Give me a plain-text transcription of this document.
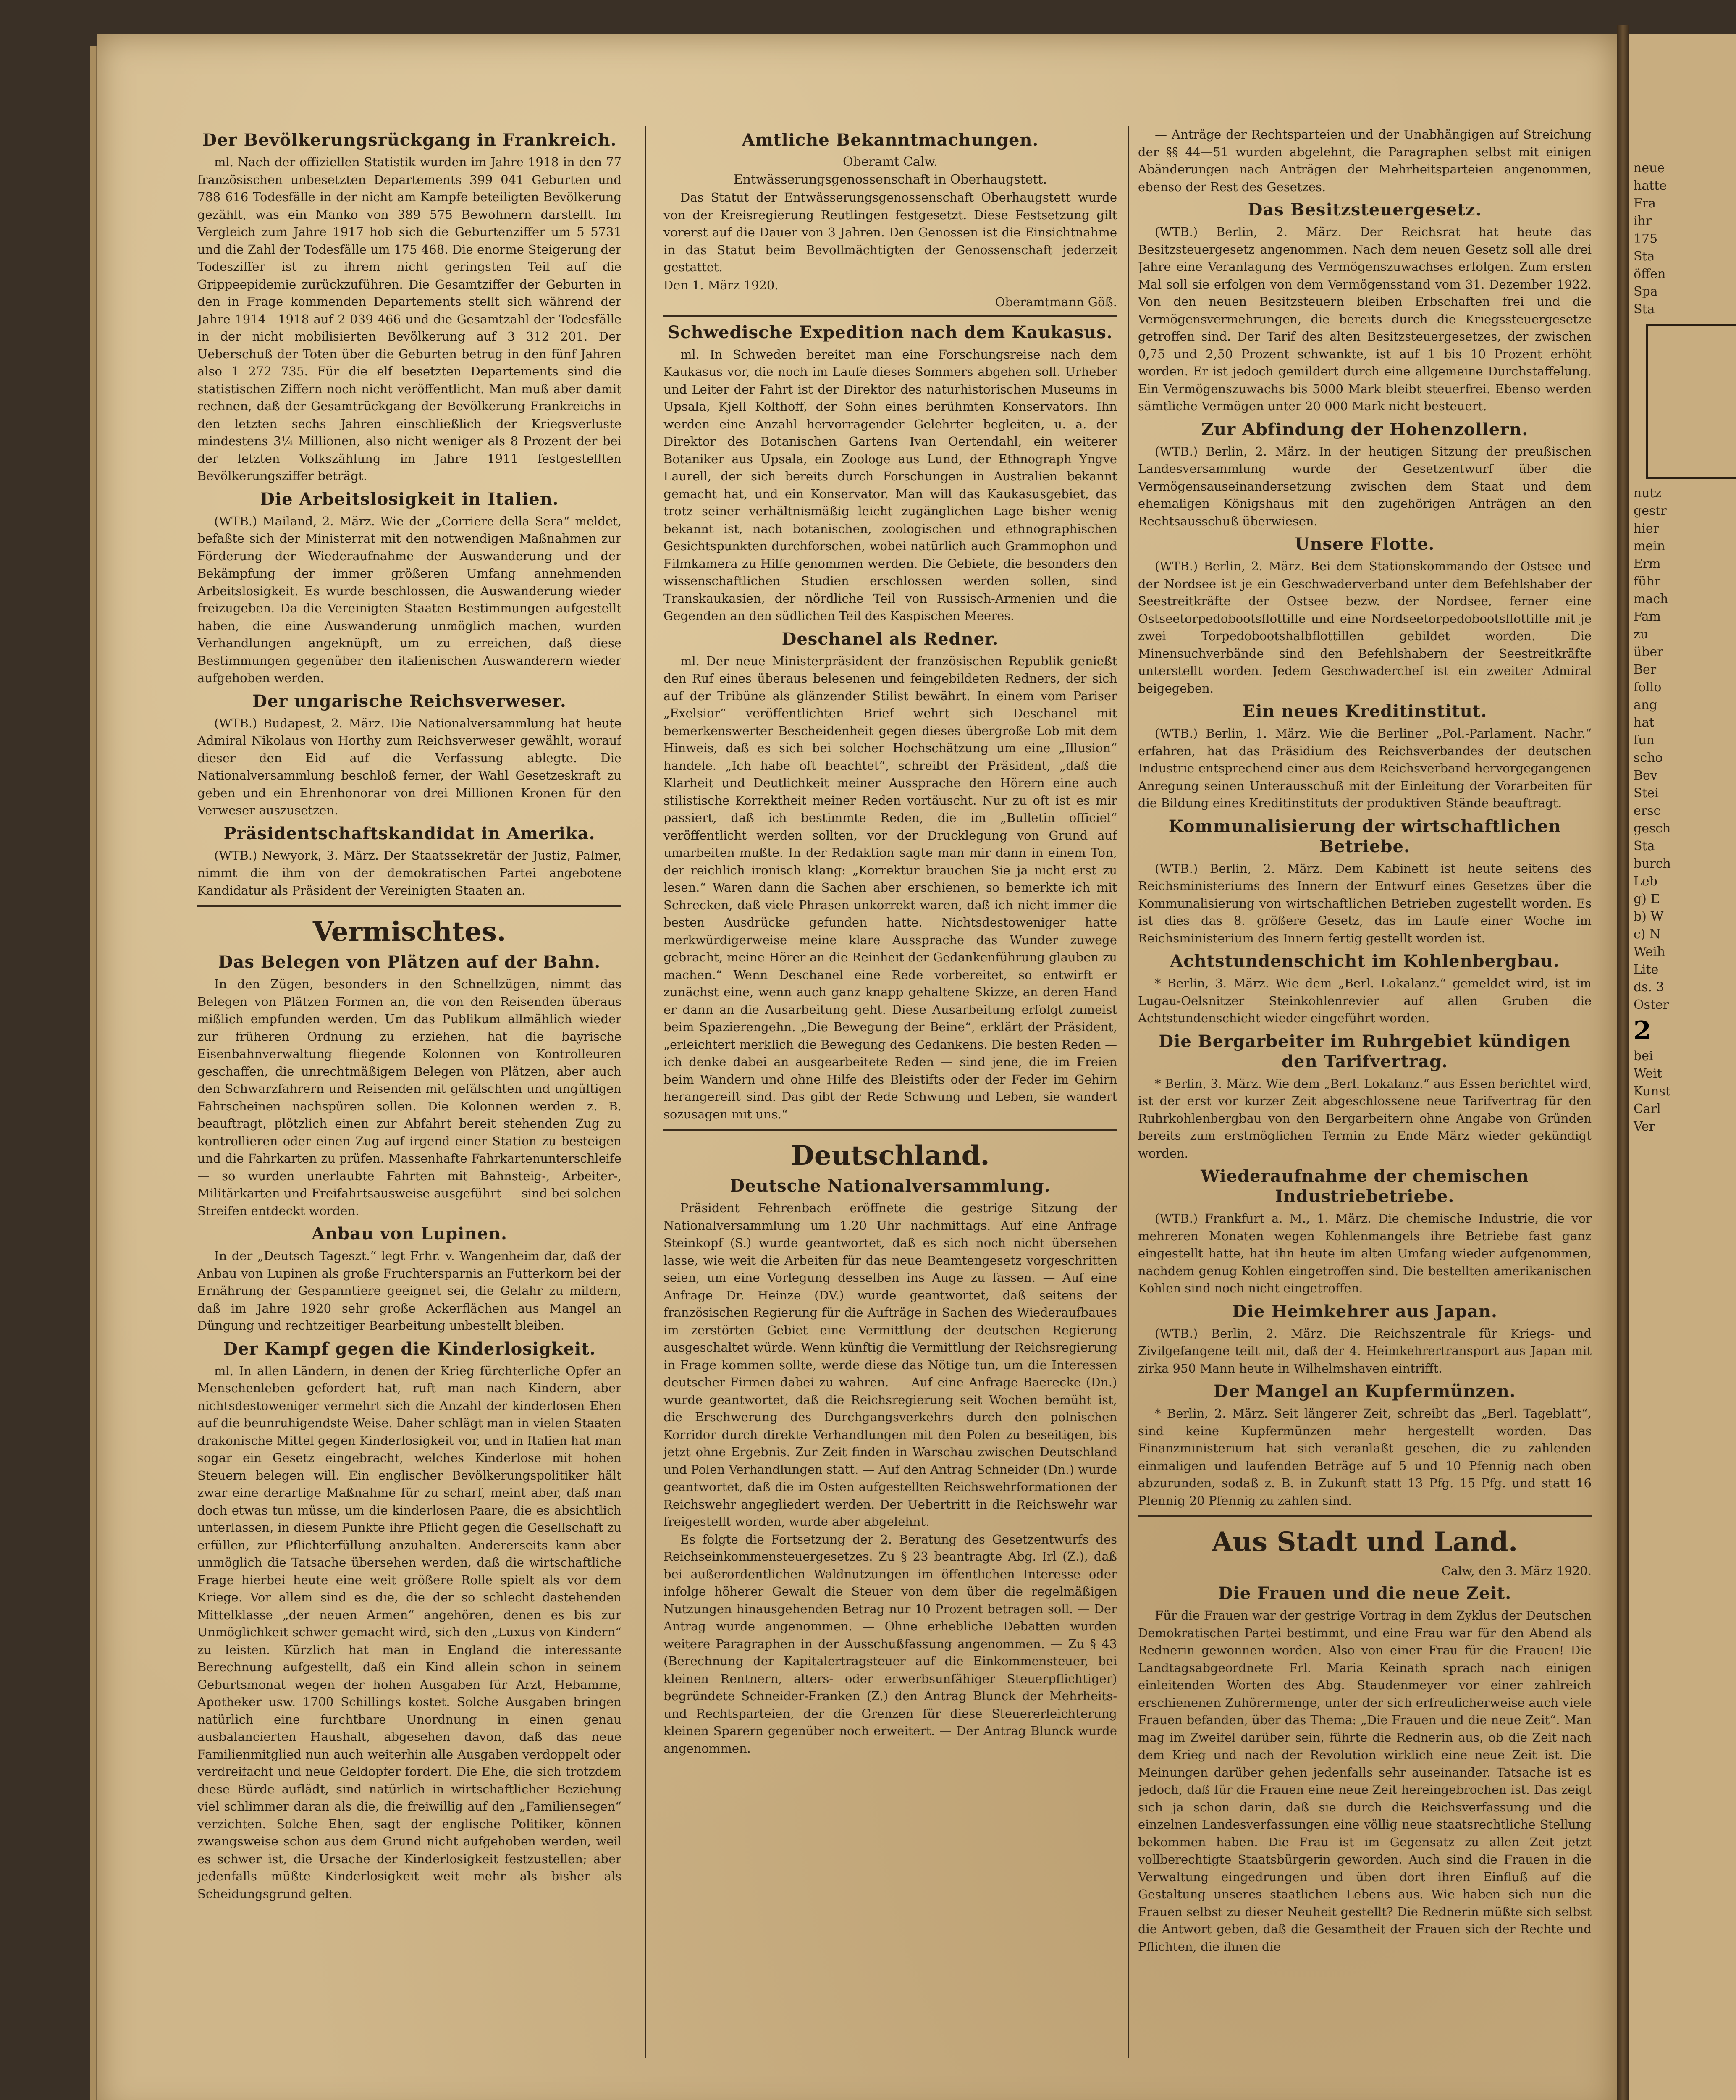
neue
hatte
Fra
ihr
175
Sta
öffen
Spa
Sta
nutz
gestr
hier
mein
Erm
führ
mach
Fam
zu
über
Ber
follo
ang
hat
fun
scho
Bev
Stei
ersc
gesch
Sta
burch
Leb
g) E
b) W
c) N
Weih
Lite
ds. 3
Oster
2
bei
Weit
Kunst
Carl
Ver
Der Bevölkerungsrückgang in Frankreich.

ml. Nach der offiziellen Statistik wurden im Jahre 1918 in den 77 französischen unbesetzten Departements 399 041 Geburten und 788 616 Todesfälle in der nicht am Kampfe beteiligten Bevölkerung gezählt, was ein Manko von 389 575 Bewohnern darstellt. Im Vergleich zum Jahre 1917 hob sich die Geburtenziffer um 5 5731 und die Zahl der Todesfälle um 175 468. Die enorme Steigerung der Todesziffer ist zu ihrem nicht geringsten Teil auf die Grippeepidemie zurückzuführen. Die Gesamtziffer der Geburten in den in Frage kommenden Departements stellt sich während der Jahre 1914—1918 auf 2 039 466 und die Gesamtzahl der Todesfälle in der nicht mobilisierten Bevölkerung auf 3 312 201. Der Ueberschuß der Toten über die Geburten betrug in den fünf Jahren also 1 272 735. Für die elf besetzten Departements sind die statistischen Ziffern noch nicht veröffentlicht. Man muß aber damit rechnen, daß der Gesamtrückgang der Bevölkerung Frankreichs in den letzten sechs Jahren einschließlich der Kriegsverluste mindestens 3¼ Millionen, also nicht weniger als 8 Prozent der bei der letzten Volkszählung im Jahre 1911 festgestellten Bevölkerungsziffer beträgt.

Die Arbeitslosigkeit in Italien.

(WTB.) Mailand, 2. März. Wie der „Corriere della Sera“ meldet, befaßte sich der Ministerrat mit den notwendigen Maßnahmen zur Förderung der Wiederaufnahme der Auswanderung und der Bekämpfung der immer größeren Umfang annehmenden Arbeitslosigkeit. Es wurde beschlossen, die Auswanderung wieder freizugeben. Da die Vereinigten Staaten Bestimmungen aufgestellt haben, die eine Auswanderung unmöglich machen, wurden Verhandlungen angeknüpft, um zu erreichen, daß diese Bestimmungen gegenüber den italienischen Auswanderern wieder aufgehoben werden.

Der ungarische Reichsverweser.

(WTB.) Budapest, 2. März. Die Nationalversammlung hat heute Admiral Nikolaus von Horthy zum Reichsverweser gewählt, worauf dieser den Eid auf die Verfassung ablegte. Die Nationalversammlung beschloß ferner, der Wahl Gesetzeskraft zu geben und ein Ehrenhonorar von drei Millionen Kronen für den Verweser auszusetzen.

Präsidentschaftskandidat in Amerika.

(WTB.) Newyork, 3. März. Der Staatssekretär der Justiz, Palmer, nimmt die ihm von der demokratischen Partei angebotene Kandidatur als Präsident der Vereinigten Staaten an.

Vermischtes.
Das Belegen von Plätzen auf der Bahn.

In den Zügen, besonders in den Schnellzügen, nimmt das Belegen von Plätzen Formen an, die von den Reisenden überaus mißlich empfunden werden. Um das Publikum allmählich wieder zur früheren Ordnung zu erziehen, hat die bayrische Eisenbahnverwaltung fliegende Kolonnen von Kontrolleuren geschaffen, die unrechtmäßigem Belegen von Plätzen, aber auch den Schwarzfahrern und Reisenden mit gefälschten und ungültigen Fahrscheinen nachspüren sollen. Die Kolonnen werden z. B. beauftragt, plötzlich einen zur Abfahrt bereit stehenden Zug zu kontrollieren oder einen Zug auf irgend einer Station zu besteigen und die Fahrkarten zu prüfen. Massenhafte Fahrkartenunterschleife — so wurden unerlaubte Fahrten mit Bahnsteig-, Arbeiter-, Militärkarten und Freifahrtsausweise ausgeführt — sind bei solchen Streifen entdeckt worden.

Anbau von Lupinen.

In der „Deutsch Tageszt.“ legt Frhr. v. Wangenheim dar, daß der Anbau von Lupinen als große Fruchtersparnis an Futterkorn bei der Ernährung der Gespanntiere geeignet sei, die Gefahr zu mildern, daß im Jahre 1920 sehr große Ackerflächen aus Mangel an Düngung und rechtzeitiger Bearbeitung unbestellt bleiben.

Der Kampf gegen die Kinderlosigkeit.

ml. In allen Ländern, in denen der Krieg fürchterliche Opfer an Menschenleben gefordert hat, ruft man nach Kindern, aber nichtsdestoweniger vermehrt sich die Anzahl der kinderlosen Ehen auf die beunruhigendste Weise. Daher schlägt man in vielen Staaten drakonische Mittel gegen Kinderlosigkeit vor, und in Italien hat man sogar ein Gesetz eingebracht, welches Kinderlose mit hohen Steuern belegen will. Ein englischer Bevölkerungspolitiker hält zwar eine derartige Maßnahme für zu scharf, meint aber, daß man doch etwas tun müsse, um die kinderlosen Paare, die es absichtlich unterlassen, in diesem Punkte ihre Pflicht gegen die Gesellschaft zu erfüllen, zur Pflichterfüllung anzuhalten. Andererseits kann aber unmöglich die Tatsache übersehen werden, daß die wirtschaftliche Frage hierbei heute eine weit größere Rolle spielt als vor dem Kriege. Vor allem sind es die, die der so schlecht dastehenden Mittelklasse „der neuen Armen“ angehören, denen es bis zur Unmöglichkeit schwer gemacht wird, sich den „Luxus von Kindern“ zu leisten. Kürzlich hat man in England die interessante Berechnung aufgestellt, daß ein Kind allein schon in seinem Geburtsmonat wegen der hohen Ausgaben für Arzt, Hebamme, Apotheker usw. 1700 Schillings kostet. Solche Ausgaben bringen natürlich eine furchtbare Unordnung in einen genau ausbalancierten Haushalt, abgesehen davon, daß das neue Familienmitglied nun auch weiterhin alle Ausgaben verdoppelt oder verdreifacht und neue Geldopfer fordert. Die Ehe, die sich trotzdem diese Bürde auflädt, sind natürlich in wirtschaftlicher Beziehung viel schlimmer daran als die, die freiwillig auf den „Familiensegen“ verzichten. Solche Ehen, sagt der englische Politiker, können zwangsweise schon aus dem Grund nicht aufgehoben werden, weil es schwer ist, die Ursache der Kinderlosigkeit festzustellen; aber jedenfalls müßte Kinderlosigkeit weit mehr als bisher als Scheidungsgrund gelten.

Amtliche Bekanntmachungen.
Oberamt Calw.
Entwässerungsgenossenschaft in Oberhaugstett.

Das Statut der Entwässerungsgenossenschaft Oberhaugstett wurde von der Kreisregierung Reutlingen festgesetzt. Diese Festsetzung gilt vorerst auf die Dauer von 3 Jahren. Den Genossen ist die Einsichtnahme in das Statut beim Bevollmächtigten der Genossenschaft jederzeit gestattet.

Den 1. März 1920.
Oberamtmann Göß.
Schwedische Expedition nach dem Kaukasus.

ml. In Schweden bereitet man eine Forschungsreise nach dem Kaukasus vor, die noch im Laufe dieses Sommers abgehen soll. Urheber und Leiter der Fahrt ist der Direktor des naturhistorischen Museums in Upsala, Kjell Kolthoff, der Sohn eines berühmten Konservators. Ihn werden eine Anzahl hervorragender Gelehrter begleiten, u. a. der Direktor des Botanischen Gartens Ivan Oertendahl, ein weiterer Botaniker aus Upsala, ein Zoologe aus Lund, der Ethnograph Yngve Laurell, der sich bereits durch Forschungen in Australien bekannt gemacht hat, und ein Konservator. Man will das Kaukasusgebiet, das trotz seiner verhältnismäßig leicht zugänglichen Lage bisher wenig bekannt ist, nach botanischen, zoologischen und ethnographischen Gesichtspunkten durchforschen, wobei natürlich auch Grammophon und Filmkamera zu Hilfe genommen werden. Die Gebiete, die besonders den wissenschaftlichen Studien erschlossen werden sollen, sind Transkaukasien, der nördliche Teil von Russisch-Armenien und die Gegenden an den südlichen Teil des Kaspischen Meeres.

Deschanel als Redner.

ml. Der neue Ministerpräsident der französischen Republik genießt den Ruf eines überaus belesenen und feingebildeten Redners, der sich auf der Tribüne als glänzender Stilist bewährt. In einem vom Pariser „Exelsior“ veröffentlichten Brief wehrt sich Deschanel mit bemerkenswerter Bescheidenheit gegen dieses übergroße Lob mit dem Hinweis, daß es sich bei solcher Hochschätzung um eine „Illusion“ handele. „Ich habe oft beachtet“, schreibt der Präsident, „daß die Klarheit und Deutlichkeit meiner Aussprache den Hörern eine auch stilistische Korrektheit meiner Reden vortäuscht. Nur zu oft ist es mir passiert, daß ich bestimmte Reden, die im „Bulletin officiel“ veröffentlicht werden sollten, vor der Drucklegung von Grund auf umarbeiten mußte. In der Redaktion sagte man mir dann in einem Ton, der reichlich ironisch klang: „Korrektur brauchen Sie ja nicht erst zu lesen.“ Waren dann die Sachen aber erschienen, so bemerkte ich mit Schrecken, daß viele Phrasen unkorrekt waren, daß ich nicht immer die besten Ausdrücke gefunden hatte. Nichtsdestoweniger hatte merkwürdigerweise meine klare Aussprache das Wunder zuwege gebracht, meine Hörer an die Reinheit der Gedankenführung glauben zu machen.“ Wenn Deschanel eine Rede vorbereitet, so entwirft er zunächst eine, wenn auch ganz knapp gehaltene Skizze, an deren Hand er dann an die Ausarbeitung geht. Diese Ausarbeitung erfolgt zumeist beim Spazierengehn. „Die Bewegung der Beine“, erklärt der Präsident, „erleichtert merklich die Bewegung des Gedankens. Die besten Reden — ich denke dabei an ausgearbeitete Reden — sind jene, die im Freien beim Wandern und ohne Hilfe des Bleistifts oder der Feder im Gehirn herangereift sind. Das gibt der Rede Schwung und Leben, sie wandert sozusagen mit uns.“

Deutschland.
Deutsche Nationalversammlung.

Präsident Fehrenbach eröffnete die gestrige Sitzung der Nationalversammlung um 1.20 Uhr nachmittags. Auf eine Anfrage Steinkopf (S.) wurde geantwortet, daß es sich noch nicht übersehen lasse, wie weit die Arbeiten für das neue Beamtengesetz vorgeschritten seien, um eine Vorlegung desselben ins Auge zu fassen. — Auf eine Anfrage Dr. Heinze (DV.) wurde geantwortet, daß seitens der französischen Regierung für die Aufträge in Sachen des Wiederaufbaues im zerstörten Gebiet eine Vermittlung der deutschen Regierung ausgeschaltet würde. Wenn künftig die Vermittlung der Reichsregierung in Frage kommen sollte, werde diese das Nötige tun, um die Interessen deutscher Firmen dabei zu wahren. — Auf eine Anfrage Baerecke (Dn.) wurde geantwortet, daß die Reichsregierung seit Wochen bemüht ist, die Erschwerung des Durchgangsverkehrs durch den polnischen Korridor durch direkte Verhandlungen mit den Polen zu beseitigen, bis jetzt ohne Ergebnis. Zur Zeit finden in Warschau zwischen Deutschland und Polen Verhandlungen statt. — Auf den Antrag Schneider (Dn.) wurde geantwortet, daß die im Osten aufgestellten Reichswehrformationen der Reichswehr angegliedert werden. Der Uebertritt in die Reichswehr war freigestellt worden, wurde aber abgelehnt.

Es folgte die Fortsetzung der 2. Beratung des Gesetzentwurfs des Reichseinkommensteuergesetzes. Zu § 23 beantragte Abg. Irl (Z.), daß bei außerordentlichen Waldnutzungen im öffentlichen Interesse oder infolge höherer Gewalt die Steuer von dem über die regelmäßigen Nutzungen hinausgehenden Betrag nur 10 Prozent betragen soll. — Der Antrag wurde angenommen. — Ohne erhebliche Debatten wurden weitere Paragraphen in der Ausschußfassung angenommen. — Zu § 43 (Berechnung der Kapitalertragsteuer auf die Einkommensteuer, bei kleinen Rentnern, alters- oder erwerbsunfähiger Steuerpflichtiger) begründete Schneider-Franken (Z.) den Antrag Blunck der Mehrheits- und Rechtsparteien, der die Grenzen für diese Steuererleichterung kleinen Sparern gegenüber noch erweitert. — Der Antrag Blunck wurde angenommen.

— Anträge der Rechtsparteien und der Unabhängigen auf Streichung der §§ 44—51 wurden abgelehnt, die Paragraphen selbst mit einigen Abänderungen nach Anträgen der Mehrheitsparteien angenommen, ebenso der Rest des Gesetzes.

Das Besitzsteuergesetz.

(WTB.) Berlin, 2. März. Der Reichsrat hat heute das Besitzsteuergesetz angenommen. Nach dem neuen Gesetz soll alle drei Jahre eine Veranlagung des Vermögenszuwachses erfolgen. Zum ersten Mal soll sie erfolgen von dem Vermögensstand vom 31. Dezember 1922. Von den neuen Besitzsteuern bleiben Erbschaften frei und die Vermögensvermehrungen, die bereits durch die Kriegssteuergesetze getroffen sind. Der Tarif des alten Besitzsteuergesetzes, der zwischen 0,75 und 2,50 Prozent schwankte, ist auf 1 bis 10 Prozent erhöht worden. Er ist jedoch gemildert durch eine allgemeine Durchstaffelung. Ein Vermögenszuwachs bis 5000 Mark bleibt steuerfrei. Ebenso werden sämtliche Vermögen unter 20 000 Mark nicht besteuert.

Zur Abfindung der Hohenzollern.

(WTB.) Berlin, 2. März. In der heutigen Sitzung der preußischen Landesversammlung wurde der Gesetzentwurf über die Vermögensauseinandersetzung zwischen dem Staat und dem ehemaligen Königshaus mit den zugehörigen Anträgen an den Rechtsausschuß überwiesen.

Unsere Flotte.

(WTB.) Berlin, 2. März. Bei dem Stationskommando der Ostsee und der Nordsee ist je ein Geschwaderverband unter dem Befehlshaber der Seestreitkräfte der Ostsee bezw. der Nordsee, ferner eine Ostseetorpedobootsflottille und eine Nordseetorpedobootsflottille mit je zwei Torpedobootshalbflottillen gebildet worden. Die Minensuchverbände sind den Befehlshabern der Seestreitkräfte unterstellt worden. Jedem Geschwaderchef ist ein zweiter Admiral beigegeben.

Ein neues Kreditinstitut.

(WTB.) Berlin, 1. März. Wie die Berliner „Pol.-Parlament. Nachr.“ erfahren, hat das Präsidium des Reichsverbandes der deutschen Industrie entsprechend einer aus dem Reichsverband hervorgegangenen Anregung seinen Unterausschuß mit der Einleitung der Vorarbeiten für die Bildung eines Kreditinstituts der produktiven Stände beauftragt.

Kommunalisierung der wirtschaftlichen Betriebe.

(WTB.) Berlin, 2. März. Dem Kabinett ist heute seitens des Reichsministeriums des Innern der Entwurf eines Gesetzes über die Kommunalisierung von wirtschaftlichen Betrieben zugestellt worden. Es ist dies das 8. größere Gesetz, das im Laufe einer Woche im Reichsministerium des Innern fertig gestellt worden ist.

Achtstundenschicht im Kohlenbergbau.

* Berlin, 3. März. Wie dem „Berl. Lokalanz.“ gemeldet wird, ist im Lugau-Oelsnitzer Steinkohlenrevier auf allen Gruben die Achtstundenschicht wieder eingeführt worden.

Die Bergarbeiter im Ruhrgebiet kündigen den Tarifvertrag.

* Berlin, 3. März. Wie dem „Berl. Lokalanz.“ aus Essen berichtet wird, ist der erst vor kurzer Zeit abgeschlossene neue Tarifvertrag für den Ruhrkohlenbergbau von den Bergarbeitern ohne Angabe von Gründen bereits zum erstmöglichen Termin zu Ende März wieder gekündigt worden.

Wiederaufnahme der chemischen Industriebetriebe.

(WTB.) Frankfurt a. M., 1. März. Die chemische Industrie, die vor mehreren Monaten wegen Kohlenmangels ihre Betriebe fast ganz eingestellt hatte, hat ihn heute im alten Umfang wieder aufgenommen, nachdem genug Kohlen eingetroffen sind. Die bestellten amerikanischen Kohlen sind noch nicht eingetroffen.

Die Heimkehrer aus Japan.

(WTB.) Berlin, 2. März. Die Reichszentrale für Kriegs- und Zivilgefangene teilt mit, daß der 4. Heimkehrertransport aus Japan mit zirka 950 Mann heute in Wilhelmshaven eintrifft.

Der Mangel an Kupfermünzen.

* Berlin, 2. März. Seit längerer Zeit, schreibt das „Berl. Tageblatt“, sind keine Kupfermünzen mehr hergestellt worden. Das Finanzministerium hat sich veranlaßt gesehen, die zu zahlenden einmaligen und laufenden Beträge auf 5 und 10 Pfennig nach oben abzurunden, sodaß z. B. in Zukunft statt 13 Pfg. 15 Pfg. und statt 16 Pfennig 20 Pfennig zu zahlen sind.

Aus Stadt und Land.
Calw, den 3. März 1920.
Die Frauen und die neue Zeit.

Für die Frauen war der gestrige Vortrag in dem Zyklus der Deutschen Demokratischen Partei bestimmt, und eine Frau war für den Abend als Rednerin gewonnen worden. Also von einer Frau für die Frauen! Die Landtagsabgeordnete Frl. Maria Keinath sprach nach einigen einleitenden Worten des Abg. Staudenmeyer vor einer zahlreich erschienenen Zuhörermenge, unter der sich erfreulicherweise auch viele Frauen befanden, über das Thema: „Die Frauen und die neue Zeit“. Man mag im Zweifel darüber sein, führte die Rednerin aus, ob die Zeit nach dem Krieg und nach der Revolution wirklich eine neue Zeit ist. Die Meinungen darüber gehen jedenfalls sehr auseinander. Tatsache ist es jedoch, daß für die Frauen eine neue Zeit hereingebrochen ist. Das zeigt sich ja schon darin, daß sie durch die Reichsverfassung und die einzelnen Landesverfassungen eine völlig neue staatsrechtliche Stellung bekommen haben. Die Frau ist im Gegensatz zu allen Zeit jetzt vollberechtigte Staatsbürgerin geworden. Auch sind die Frauen in die Verwaltung eingedrungen und üben dort ihren Einfluß auf die Gestaltung unseres staatlichen Lebens aus. Wie haben sich nun die Frauen selbst zu dieser Neuheit gestellt? Die Rednerin müßte sich selbst die Antwort geben, daß die Gesamtheit der Frauen sich der Rechte und Pflichten, die ihnen die
